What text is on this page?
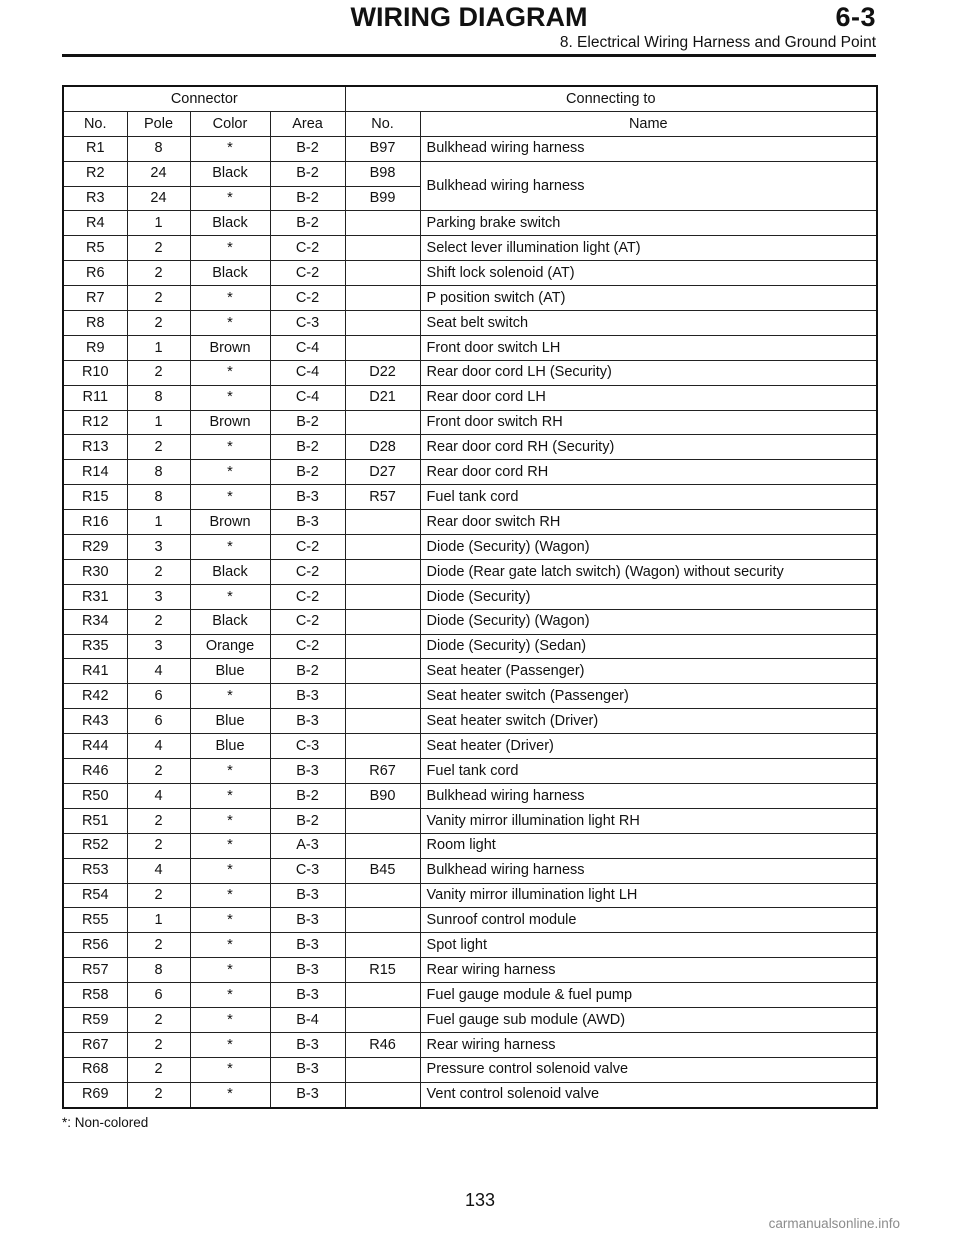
WIRING DIAGRAM	6-3
8. Electrical Wiring Harness and Ground Point
Connector				Connecting to	
No.	Pole	Color	Area	No.	Name
R1	8	*	B-2	B97	Bulkhead wiring harness
R2	24	Black	B-2	B98	Bulkhead wiring harness
R3	24	*	B-2	B99	
R4	1	Black	B-2		Parking brake switch
R5	2	*	C-2		Select lever illumination light (AT)
R6	2	Black	C-2		Shift lock solenoid (AT)
R7	2	*	C-2		P position switch (AT)
R8	2	*	C-3		Seat belt switch
R9	1	Brown	C-4		Front door switch LH
R10	2	*	C-4	D22	Rear door cord LH (Security)
R11	8	*	C-4	D21	Rear door cord LH
R12	1	Brown	B-2		Front door switch RH
R13	2	*	B-2	D28	Rear door cord RH (Security)
R14	8	*	B-2	D27	Rear door cord RH
R15	8	*	B-3	R57	Fuel tank cord
R16	1	Brown	B-3		Rear door switch RH
R29	3	*	C-2		Diode (Security) (Wagon)
R30	2	Black	C-2		Diode (Rear gate latch switch) (Wagon) without security
R31	3	*	C-2		Diode (Security)
R34	2	Black	C-2		Diode (Security) (Wagon)
R35	3	Orange	C-2		Diode (Security) (Sedan)
R41	4	Blue	B-2		Seat heater (Passenger)
R42	6	*	B-3		Seat heater switch (Passenger)
R43	6	Blue	B-3		Seat heater switch (Driver)
R44	4	Blue	C-3		Seat heater (Driver)
R46	2	*	B-3	R67	Fuel tank cord
R50	4	*	B-2	B90	Bulkhead wiring harness
R51	2	*	B-2		Vanity mirror illumination light RH
R52	2	*	A-3		Room light
R53	4	*	C-3	B45	Bulkhead wiring harness
R54	2	*	B-3		Vanity mirror illumination light LH
R55	1	*	B-3		Sunroof control module
R56	2	*	B-3		Spot light
R57	8	*	B-3	R15	Rear wiring harness
R58	6	*	B-3		Fuel gauge module & fuel pump
R59	2	*	B-4		Fuel gauge sub module (AWD)
R67	2	*	B-3	R46	Rear wiring harness
R68	2	*	B-3		Pressure control solenoid valve
R69	2	*	B-3		Vent control solenoid valve
*: Non-colored
133
carmanualsonline.info
